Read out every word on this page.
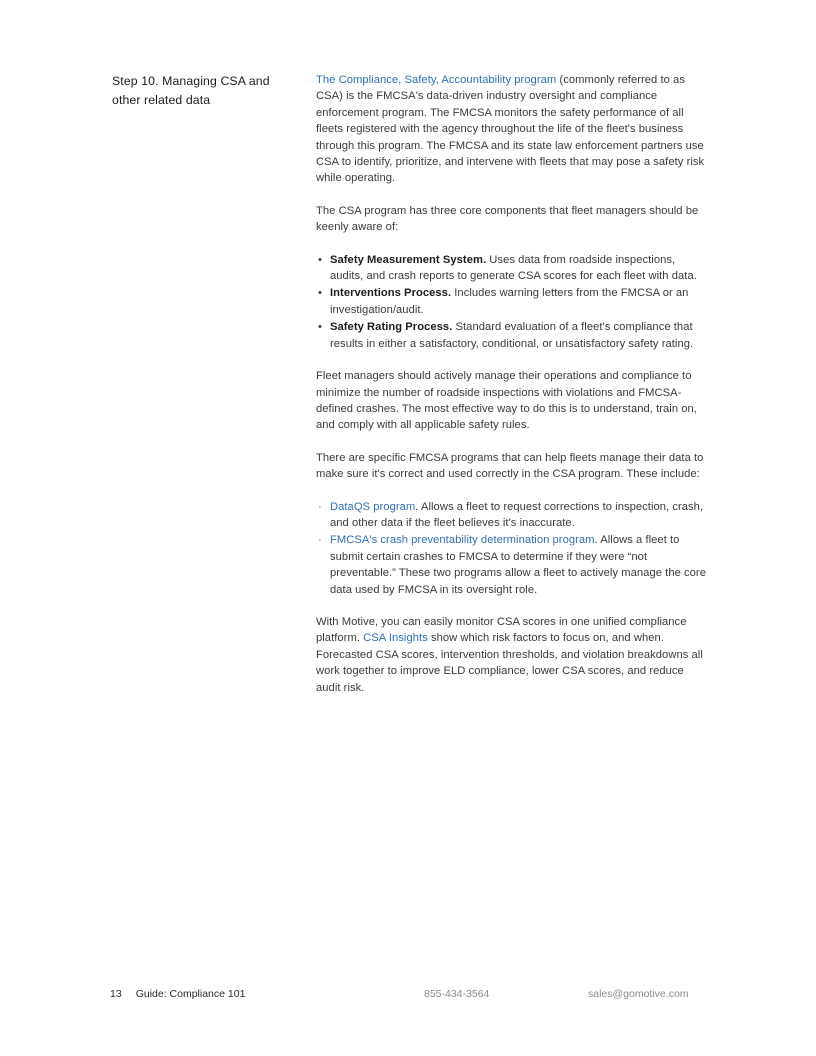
Step 10. Managing CSA and other related data

The Compliance, Safety, Accountability program (commonly referred to as CSA) is the FMCSA's data-driven industry oversight and compliance enforcement program. The FMCSA monitors the safety performance of all fleets registered with the agency throughout the life of the fleet's business through this program. The FMCSA and its state law enforcement partners use CSA to identify, prioritize, and intervene with fleets that may pose a safety risk while operating.

The CSA program has three core components that fleet managers should be keenly aware of:

• Safety Measurement System. Uses data from roadside inspections, audits, and crash reports to generate CSA scores for each fleet with data.
• Interventions Process. Includes warning letters from the FMCSA or an investigation/audit.
• Safety Rating Process. Standard evaluation of a fleet's compliance that results in either a satisfactory, conditional, or unsatisfactory safety rating.

Fleet managers should actively manage their operations and compliance to minimize the number of roadside inspections with violations and FMCSA-defined crashes. The most effective way to do this is to understand, train on, and comply with all applicable safety rules.

There are specific FMCSA programs that can help fleets manage their data to make sure it's correct and used correctly in the CSA program. These include:

· DataQS program. Allows a fleet to request corrections to inspection, crash, and other data if the fleet believes it's inaccurate.
· FMCSA's crash preventability determination program. Allows a fleet to submit certain crashes to FMCSA to determine if they were “not preventable.” These two programs allow a fleet to actively manage the core data used by FMCSA in its oversight role.

With Motive, you can easily monitor CSA scores in one unified compliance platform. CSA Insights show which risk factors to focus on, and when. Forecasted CSA scores, intervention thresholds, and violation breakdowns all work together to improve ELD compliance, lower CSA scores, and reduce audit risk.

13 Guide: Compliance 101	855-434-3564	sales@gomotive.com
